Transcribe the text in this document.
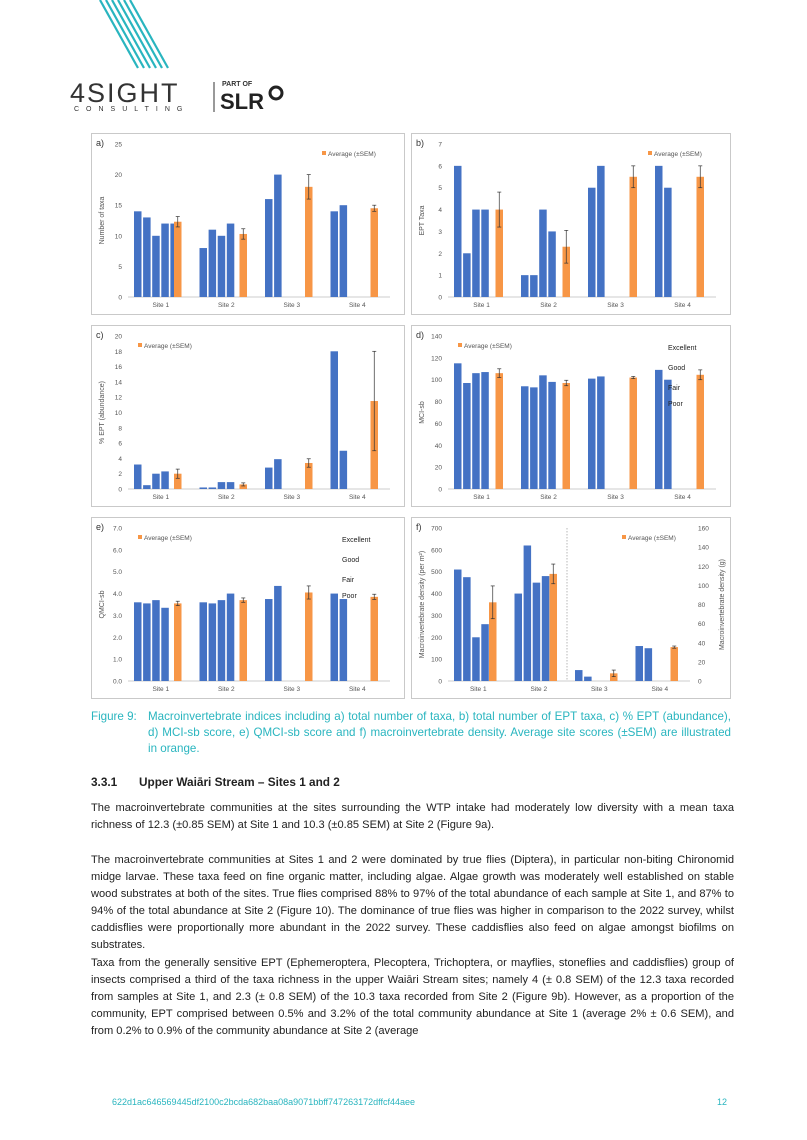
4SIGHT
CONSULTING
PART OF
SLR
a)
Number of taxa
0
5
10
15
20
25
Site 1	Site 2	Site 3	Site 4
Average (±SEM)
b)
EPT Taxa
0
1
2
3
4
5
6
7
Site 1	Site 2	Site 3	Site 4
Average (±SEM)
c)
% EPT (abundance)
0
2
4
6
8
10
12
14
16
18
20
Site 1	Site 2	Site 3	Site 4
Average (±SEM)
d)
MCI-sb
0
20
40
60
80
100
120
140
Site 1	Site 2	Site 3	Site 4
Average (±SEM)	Excellent
Good
Fair
Poor
e)
QMCI-sb
0.0
1.0
2.0
3.0
4.0
5.0
6.0
7.0
Site 1	Site 2	Site 3	Site 4
Average (±SEM)	Excellent
Good
Fair
Poor
f)
Macroinvertebrate density (per m²)
0
100
200
300
400
500
600
700
0
20
40
60
80
100
120
140
160
Macroinvertebrate density (g)
Site 1	Site 2	Site 3	Site 4
Average (±SEM)
Figure 9: Macroinvertebrate indices including a) total number of taxa, b) total number of EPT taxa, c) % EPT (abundance), d) MCI-sb score, e) QMCI-sb score and f) macroinvertebrate density. Average site scores (±SEM) are illustrated in orange.
3.3.1 Upper Waiāri Stream – Sites 1 and 2
The macroinvertebrate communities at the sites surrounding the WTP intake had moderately low diversity with a mean taxa richness of 12.3 (±0.85 SEM) at Site 1 and 10.3 (±0.85 SEM) at Site 2 (Figure 9a).
The macroinvertebrate communities at Sites 1 and 2 were dominated by true flies (Diptera), in particular non-biting Chironomid midge larvae. These taxa feed on fine organic matter, including algae. Algae growth was moderately well established on stable wood substrates at both of the sites. True flies comprised 88% to 97% of the total abundance of each sample at Site 1, and 87% to 94% of the total abundance at Site 2 (Figure 10). The dominance of true flies was higher in comparison to the 2022 survey, whilst caddisflies were proportionally more abundant in the 2022 survey. These caddisflies also feed on algae amongst biofilms on substrates.
Taxa from the generally sensitive EPT (Ephemeroptera, Plecoptera, Trichoptera, or mayflies, stoneflies and caddisflies) group of insects comprised a third of the taxa richness in the upper Waiāri Stream sites; namely 4 (± 0.8 SEM) of the 12.3 taxa recorded from samples at Site 1, and 2.3 (± 0.8 SEM) of the 10.3 taxa recorded from Site 2 (Figure 9b). However, as a proportion of the community, EPT comprised between 0.5% and 3.2% of the total community abundance at Site 1 (average 2% ± 0.6 SEM), and from 0.2% to 0.9% of the community abundance at Site 2 (average
622d1ac646569445df2100c2bcda682baa08a9071bbff747263172dffcf44aee	12
